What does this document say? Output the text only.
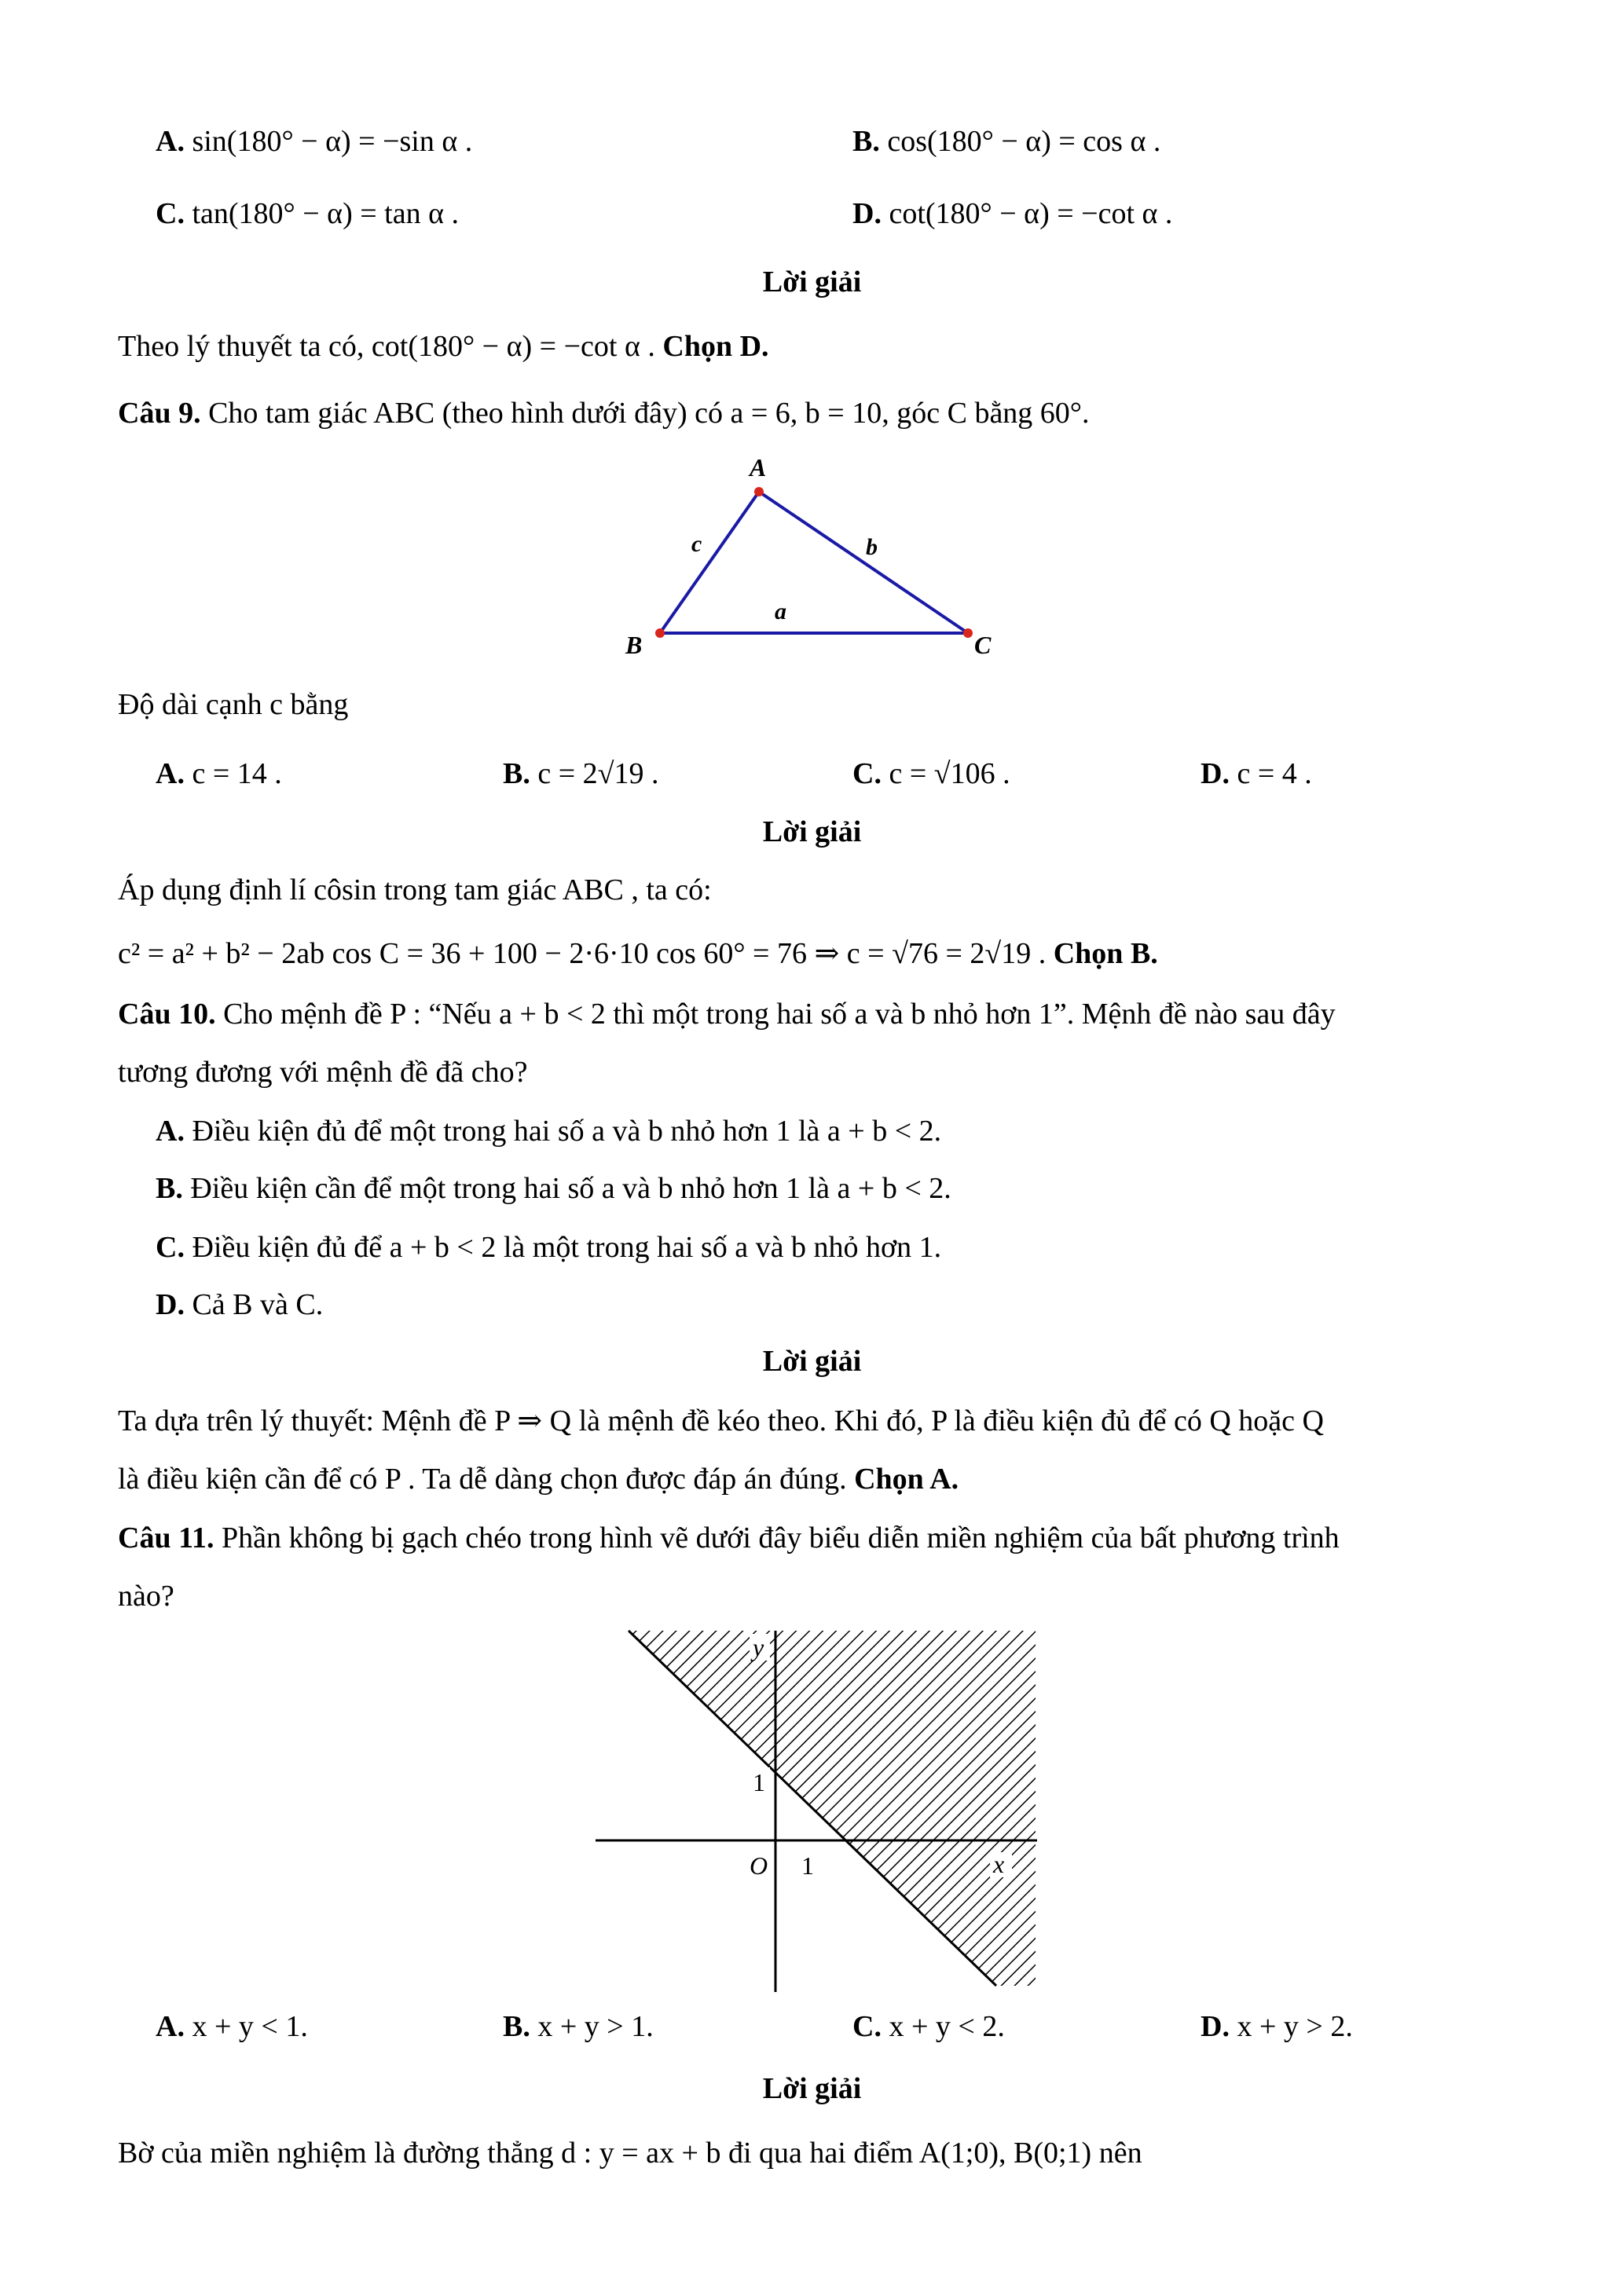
A. sin(180° − α) = −sin α .	B. cos(180° − α) = cos α .
C. tan(180° − α) = tan α .	D. cot(180° − α) = −cot α .
Lời giải
Theo lý thuyết ta có, cot(180° − α) = −cot α . Chọn D.
Câu 9. Cho tam giác ABC (theo hình dưới đây) có a = 6, b = 10, góc C bằng 60°.
A
B	C
c	b
a
Độ dài cạnh c bằng
A. c = 14 .	B. c = 2√19 .	C. c = √106 .	D. c = 4 .
Lời giải
Áp dụng định lí côsin trong tam giác ABC , ta có:
c² = a² + b² − 2ab cos C = 36 + 100 − 2·6·10 cos 60° = 76 ⇒ c = √76 = 2√19 . Chọn B.
Câu 10. Cho mệnh đề P : “Nếu a + b < 2 thì một trong hai số a và b nhỏ hơn 1”. Mệnh đề nào sau đây
tương đương với mệnh đề đã cho?
A. Điều kiện đủ để một trong hai số a và b nhỏ hơn 1 là a + b < 2.
B. Điều kiện cần để một trong hai số a và b nhỏ hơn 1 là a + b < 2.
C. Điều kiện đủ để a + b < 2 là một trong hai số a và b nhỏ hơn 1.
D. Cả B và C.
Lời giải
Ta dựa trên lý thuyết: Mệnh đề P ⇒ Q là mệnh đề kéo theo. Khi đó, P là điều kiện đủ để có Q hoặc Q
là điều kiện cần để có P . Ta dễ dàng chọn được đáp án đúng. Chọn A.
Câu 11. Phần không bị gạch chéo trong hình vẽ dưới đây biểu diễn miền nghiệm của bất phương trình
nào?
y
1
O 1	x
A. x + y < 1.	B. x + y > 1.	C. x + y < 2.	D. x + y > 2.
Lời giải
Bờ của miền nghiệm là đường thẳng d : y = ax + b đi qua hai điểm A(1;0), B(0;1) nên
